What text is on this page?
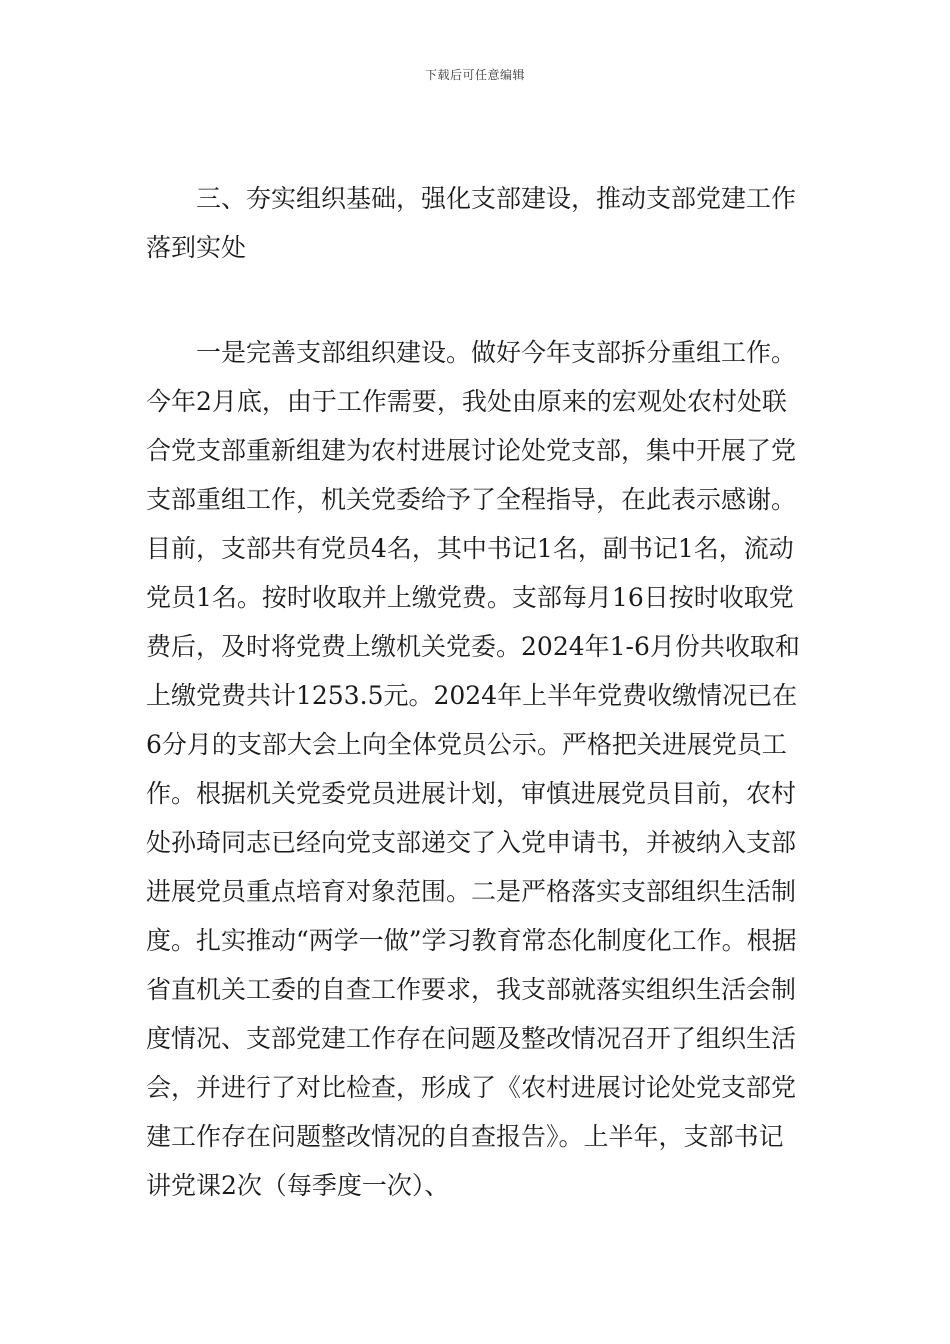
下载后可任意编辑

三、夯实组织基础，强化支部建设，推动支部党建工作落到实处

一是完善支部组织建设。做好今年支部拆分重组工作。今年2月底，由于工作需要，我处由原来的宏观处农村处联合党支部重新组建为农村进展讨论处党支部，集中开展了党支部重组工作，机关党委给予了全程指导，在此表示感谢。目前，支部共有党员4名，其中书记1名，副书记1名，流动党员1名。按时收取并上缴党费。支部每月16日按时收取党费后，及时将党费上缴机关党委。2024年1-6月份共收取和上缴党费共计1253.5元。2024年上半年党费收缴情况已在6分月的支部大会上向全体党员公示。严格把关进展党员工作。根据机关党委党员进展计划，审慎进展党员目前，农村处孙琦同志已经向党支部递交了入党申请书，并被纳入支部进展党员重点培育对象范围。二是严格落实支部组织生活制度。扎实推动“两学一做”学习教育常态化制度化工作。根据省直机关工委的自查工作要求，我支部就落实组织生活会制度情况、支部党建工作存在问题及整改情况召开了组织生活会，并进行了对比检查，形成了《农村进展讨论处党支部党建工作存在问题整改情况的自查报告》。上半年，支部书记讲党课2次（每季度一次）、
